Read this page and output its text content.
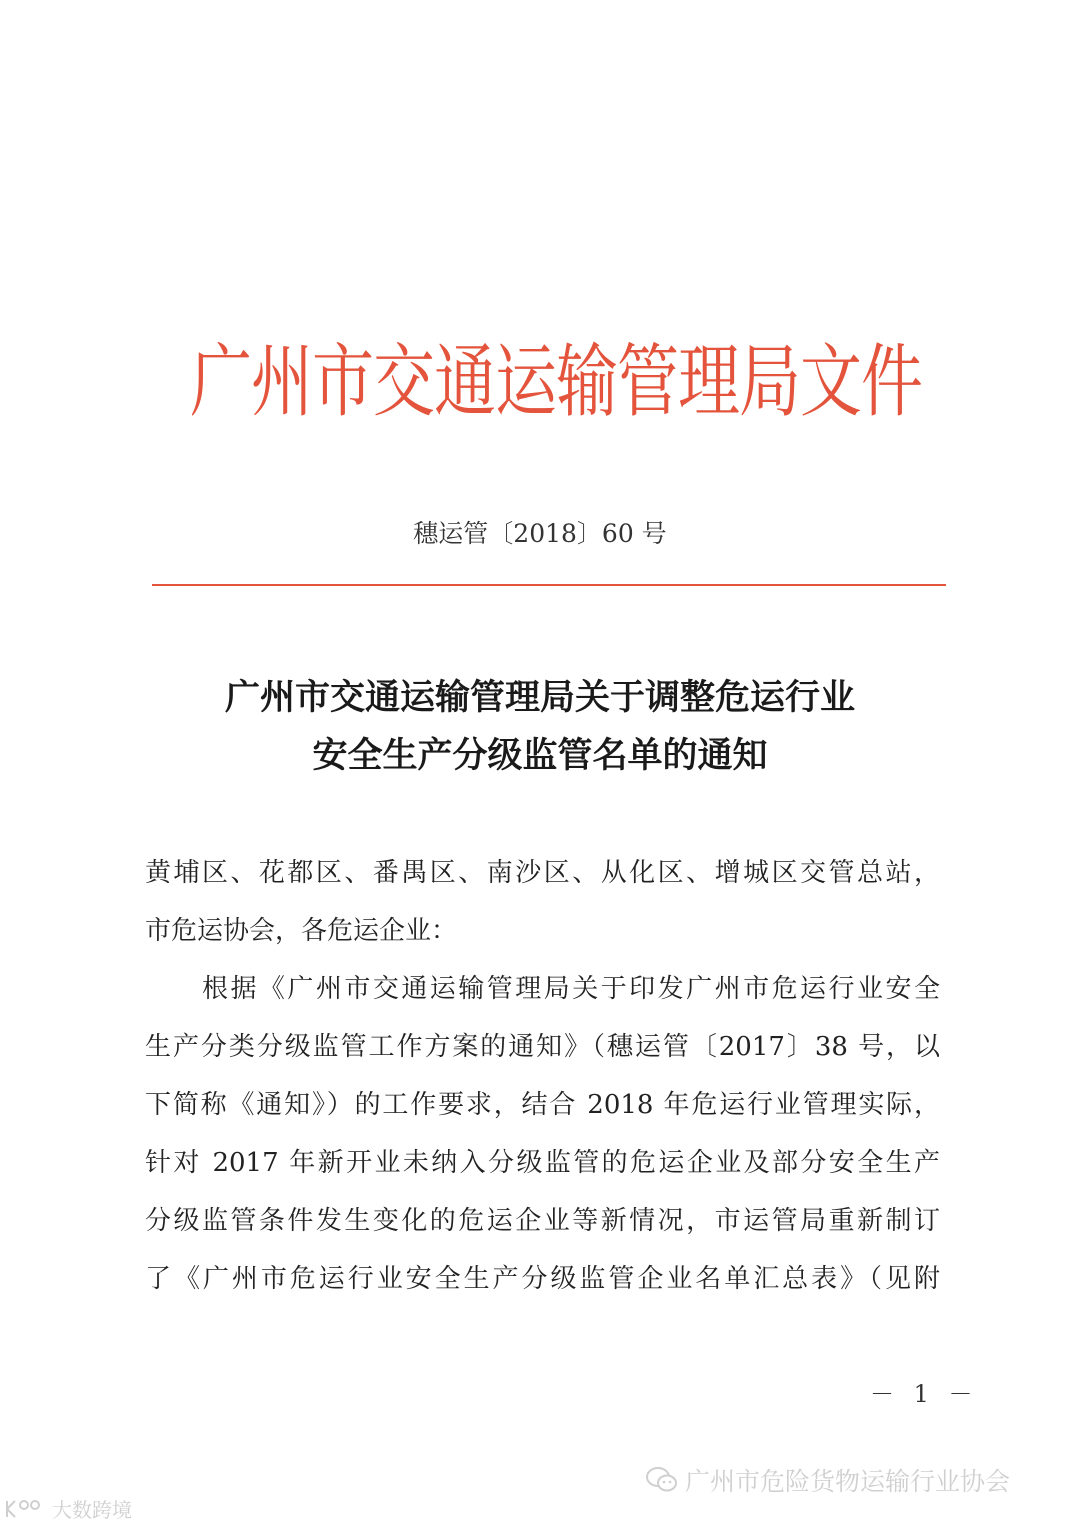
广州市交通运输管理局文件
穗运管〔2018〕60 号
广州市交通运输管理局关于调整危运行业
安全生产分级监管名单的通知
黄埔区、花都区、番禺区、南沙区、从化区、增城区交管总站，
市危运协会，各危运企业：
　　根据《广州市交通运输管理局关于印发广州市危运行业安全
生产分类分级监管工作方案的通知》（穗运管〔2017〕38 号，以
下简称《通知》）的工作要求，结合 2018 年危运行业管理实际，
针对 2017 年新开业未纳入分级监管的危运企业及部分安全生产
分级监管条件发生变化的危运企业等新情况，市运管局重新制订
了《广州市危运行业安全生产分级监管企业名单汇总表》（见附
－ 1 －
广州市危险货物运输行业协会
大数跨境
